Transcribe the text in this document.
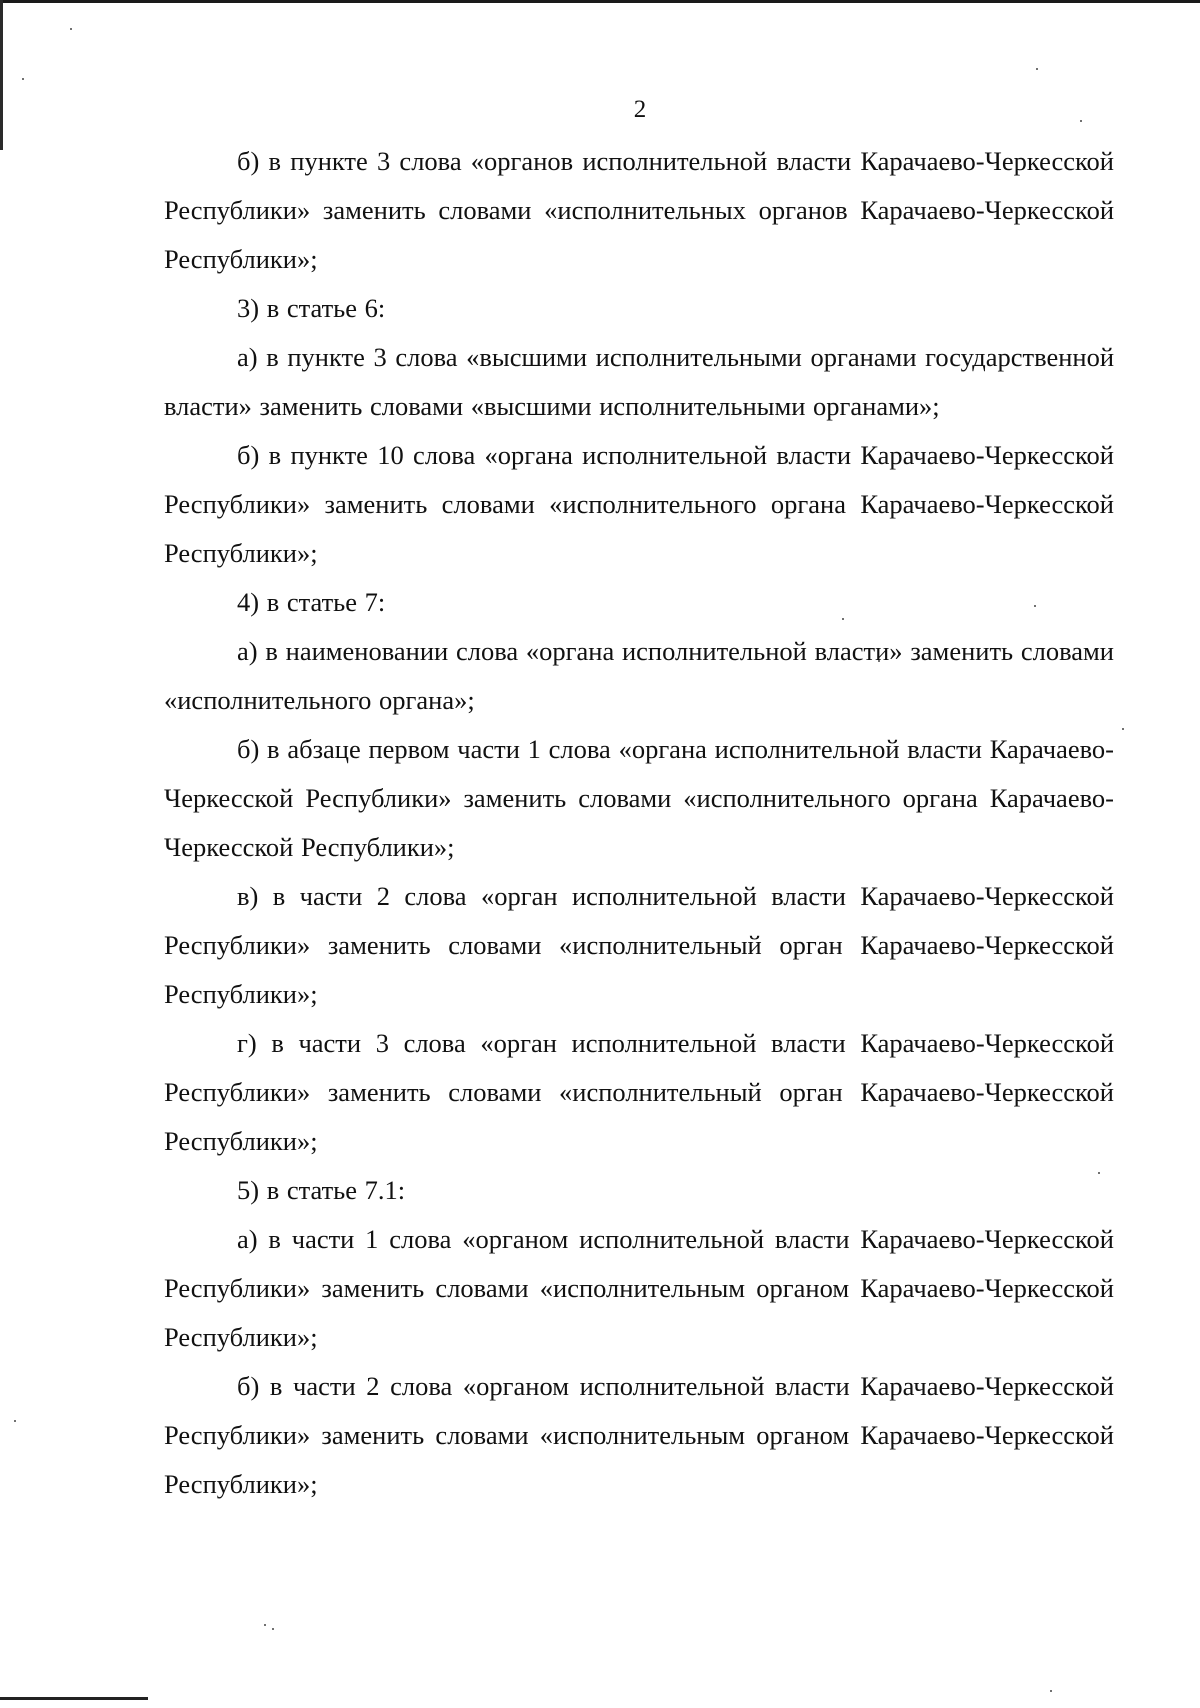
2

б) в пункте 3 слова «органов исполнительной власти Карачаево-Черкесской Республики» заменить словами «исполнительных органов Карачаево-Черкесской Республики»;

3) в статье 6:

а) в пункте 3 слова «высшими исполнительными органами государственной власти» заменить словами «высшими исполнительными органами»;

б) в пункте 10 слова «органа исполнительной власти Карачаево-Черкесской Республики» заменить словами «исполнительного органа Карачаево-Черкесской Республики»;

4) в статье 7:

а) в наименовании слова «органа исполнительной власти» заменить словами «исполнительного органа»;

б) в абзаце первом части 1 слова «органа исполнительной власти Карачаево-Черкесской Республики» заменить словами «исполнительного органа Карачаево-Черкесской Республики»;

в) в части 2 слова «орган исполнительной власти Карачаево-Черкесской Республики» заменить словами «исполнительный орган Карачаево-Черкесской Республики»;

г) в части 3 слова «орган исполнительной власти Карачаево-Черкесской Республики» заменить словами «исполнительный орган Карачаево-Черкесской Республики»;

5) в статье 7.1:

а) в части 1 слова «органом исполнительной власти Карачаево-Черкесской Республики» заменить словами «исполнительным органом Карачаево-Черкесской Республики»;

б) в части 2 слова «органом исполнительной власти Карачаево-Черкесской Республики» заменить словами «исполнительным органом Карачаево-Черкесской Республики»;
